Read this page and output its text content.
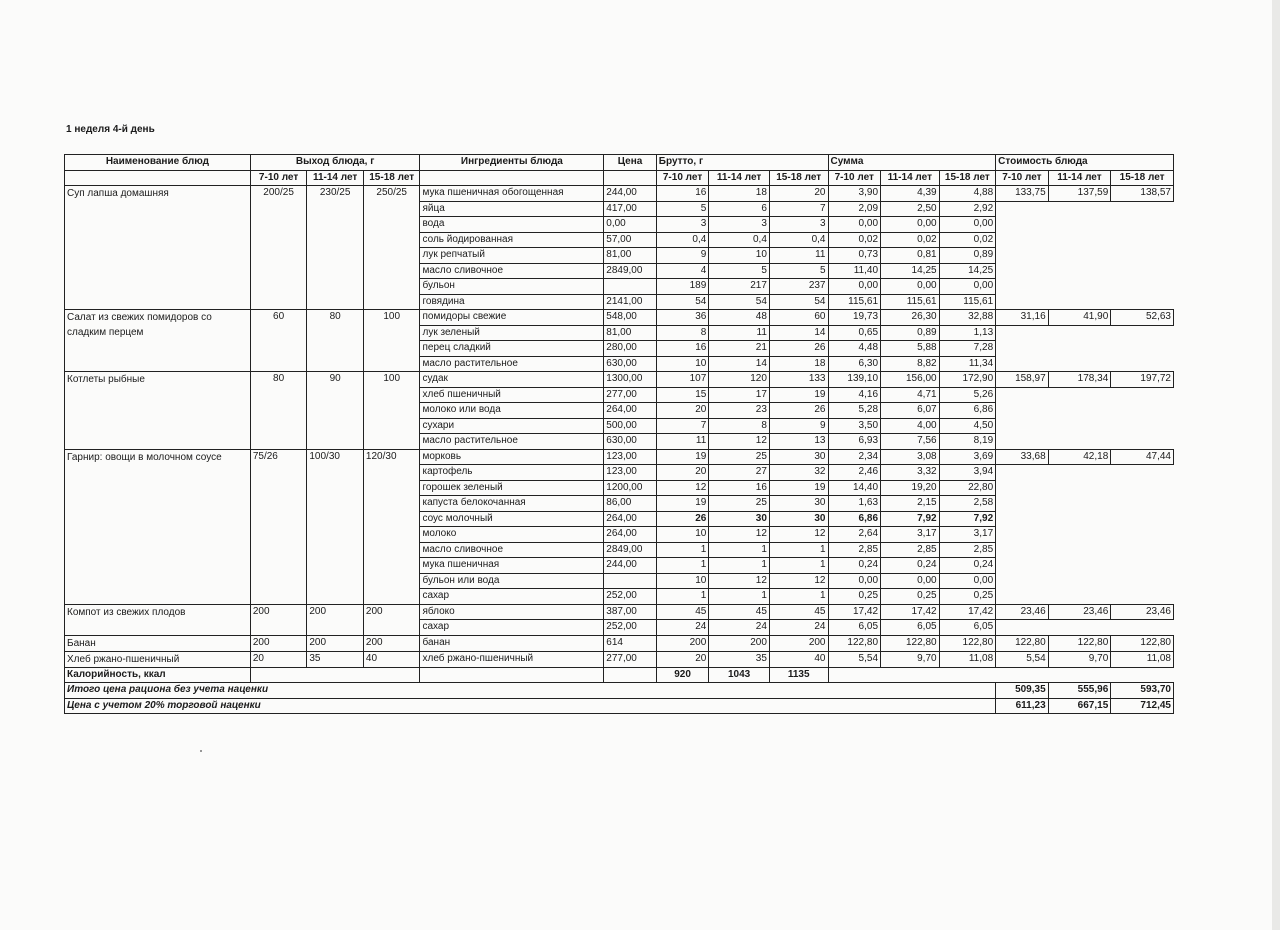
1 неделя 4-й день
Наименование блюд	Выход блюда, г			Ингредиенты блюда	Цена	Брутто, г			Сумма			Стоимость блюда		
	7-10 лет	11-14 лет	15-18 лет			7-10 лет	11-14 лет	15-18 лет	7-10 лет	11-14 лет	15-18 лет	7-10 лет	11-14 лет	15-18 лет
Суп лапша домашняя	200/25	230/25	250/25	мука пшеничная обогощенная	244,00	16	18	20	3,90	4,39	4,88	133,75	137,59	138,57
				яйца	417,00	5	6	7	2,09	2,50	2,92			
				вода	0,00	3	3	3	0,00	0,00	0,00			
				соль йодированная	57,00	0,4	0,4	0,4	0,02	0,02	0,02			
				лук репчатый	81,00	9	10	11	0,73	0,81	0,89			
				масло сливочное	2849,00	4	5	5	11,40	14,25	14,25			
				бульон		189	217	237	0,00	0,00	0,00			
				говядина	2141,00	54	54	54	115,61	115,61	115,61			
Салат из свежих помидоров со сладким перцем	60	80	100	помидоры свежие	548,00	36	48	60	19,73	26,30	32,88	31,16	41,90	52,63
				лук зеленый	81,00	8	11	14	0,65	0,89	1,13			
				перец сладкий	280,00	16	21	26	4,48	5,88	7,28			
				масло растительное	630,00	10	14	18	6,30	8,82	11,34			
Котлеты рыбные	80	90	100	судак	1300,00	107	120	133	139,10	156,00	172,90	158,97	178,34	197,72
				хлеб пшеничный	277,00	15	17	19	4,16	4,71	5,26			
				молоко или вода	264,00	20	23	26	5,28	6,07	6,86			
				сухари	500,00	7	8	9	3,50	4,00	4,50			
				масло растительное	630,00	11	12	13	6,93	7,56	8,19			
Гарнир: овощи в молочном соусе	75/26	100/30	120/30	морковь	123,00	19	25	30	2,34	3,08	3,69	33,68	42,18	47,44
				картофель	123,00	20	27	32	2,46	3,32	3,94			
				горошек зеленый	1200,00	12	16	19	14,40	19,20	22,80			
				капуста белокочанная	86,00	19	25	30	1,63	2,15	2,58			
				соус молочный	264,00	26	30	30	6,86	7,92	7,92			
				молоко	264,00	10	12	12	2,64	3,17	3,17			
				масло сливочное	2849,00	1	1	1	2,85	2,85	2,85			
				мука пшеничная	244,00	1	1	1	0,24	0,24	0,24			
				бульон или вода		10	12	12	0,00	0,00	0,00			
				сахар	252,00	1	1	1	0,25	0,25	0,25			
Компот из свежих плодов	200	200	200	яблоко	387,00	45	45	45	17,42	17,42	17,42	23,46	23,46	23,46
				сахар	252,00	24	24	24	6,05	6,05	6,05			
Банан	200	200	200	банан	614	200	200	200	122,80	122,80	122,80	122,80	122,80	122,80
Хлеб ржано-пшеничный	20	35	40	хлеб ржано-пшеничный	277,00	20	35	40	5,54	9,70	11,08	5,54	9,70	11,08
Калорийность, ккал						920	1043	1135						
Итого цена рациона без учета наценки												509,35	555,96	593,70
Цена с учетом 20% торговой наценки												611,23	667,15	712,45
